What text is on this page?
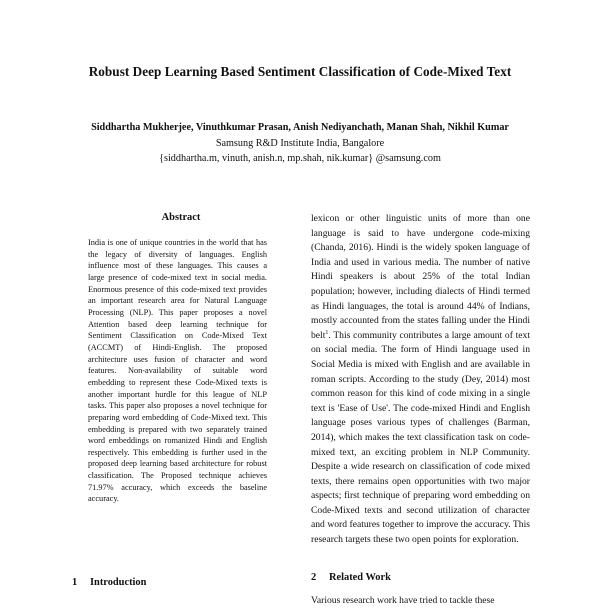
Robust Deep Learning Based Sentiment Classification of Code-Mixed Text
Siddhartha Mukherjee, Vinuthkumar Prasan, Anish Nediyanchath, Manan Shah, Nikhil Kumar
Samsung R&D Institute India, Bangalore
{siddhartha.m, vinuth, anish.n, mp.shah, nik.kumar} @samsung.com
Abstract
India is one of unique countries in the world that has the legacy of diversity of languages. English influence most of these languages. This causes a large presence of code-mixed text in social media. Enormous presence of this code-mixed text provides an important research area for Natural Language Processing (NLP). This paper proposes a novel Attention based deep learning technique for Sentiment Classification on Code-Mixed Text (ACCMT) of Hindi-English. The proposed architecture uses fusion of character and word features. Non-availability of suitable word embedding to represent these Code-Mixed texts is another important hurdle for this league of NLP tasks. This paper also proposes a novel technique for preparing word embedding of Code-Mixed text. This embedding is prepared with two separately trained word embeddings on romanized Hindi and English respectively. This embedding is further used in the proposed deep learning based architecture for robust classification. The Proposed technique achieves 71.97% accuracy, which exceeds the baseline accuracy.
1 Introduction
lexicon or other linguistic units of more than one language is said to have undergone code-mixing (Chanda, 2016). Hindi is the widely spoken language of India and used in various media. The number of native Hindi speakers is about 25% of the total Indian population; however, including dialects of Hindi termed as Hindi languages, the total is around 44% of Indians, mostly accounted from the states falling under the Hindi belt$^1$. This community contributes a large amount of text on social media. The form of Hindi language used in Social Media is mixed with English and are available in roman scripts. According to the study (Dey, 2014) most common reason for this kind of code mixing in a single text is 'Ease of Use'. The code-mixed Hindi and English language poses various types of challenges (Barman, 2014), which makes the text classification task on code-mixed text, an exciting problem in NLP Community. Despite a wide research on classification of code mixed texts, there remains open opportunities with two major aspects; first technique of preparing word embedding on Code-Mixed texts and second utilization of character and word features together to improve the accuracy. This research targets these two open points for exploration.
2 Related Work
Various research work have tried to tackle these
